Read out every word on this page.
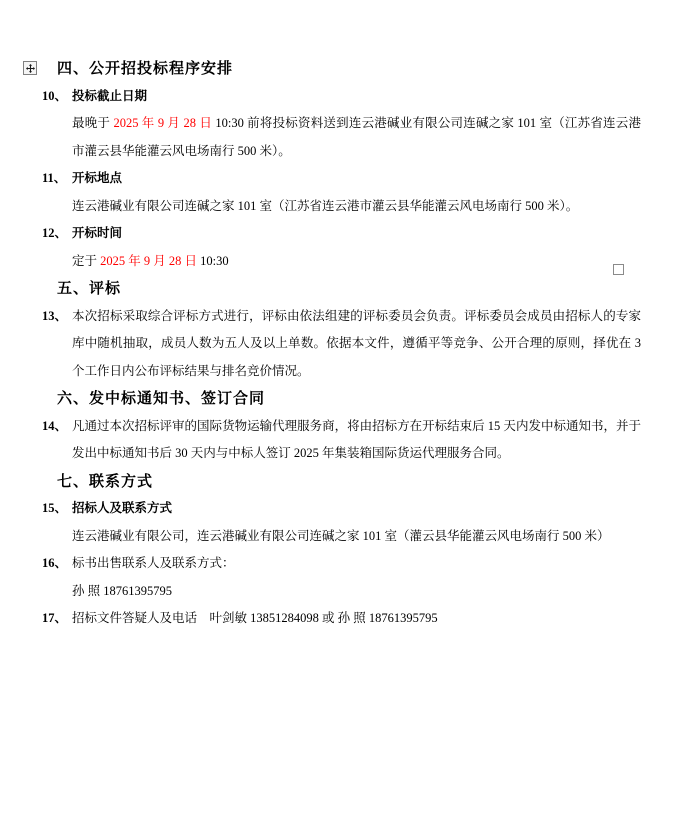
四、公开招投标程序安排
10、 投标截止日期

最晚于 2025 年 9 月 28 日 10:30 前将投标资料送到连云港碱业有限公司连碱之家 101 室（江苏省连云港市灌云县华能灌云风电场南行 500 米）。

11、 开标地点

连云港碱业有限公司连碱之家 101 室（江苏省连云港市灌云县华能灌云风电场南行 500 米）。

12、 开标时间

定于 2025 年 9 月 28 日 10:30

五、评标
13、 本次招标采取综合评标方式进行，评标由依法组建的评标委员会负责。评标委员会成员由招标人的专家库中随机抽取，成员人数为五人及以上单数。依据本文件，遵循平等竞争、公开合理的原则，择优在 3 个工作日内公布评标结果与排名竞价情况。

六、发中标通知书、签订合同
14、 凡通过本次招标评审的国际货物运输代理服务商，将由招标方在开标结束后 15 天内发中标通知书，并于发出中标通知书后 30 天内与中标人签订 2025 年集装箱国际货运代理服务合同。

七、联系方式
15、 招标人及联系方式

连云港碱业有限公司，连云港碱业有限公司连碱之家 101 室（灌云县华能灌云风电场南行 500 米）

16、 标书出售联系人及联系方式：

孙 照 18761395795

17、 招标文件答疑人及电话　叶剑敏 13851284098 或 孙 照 18761395795
